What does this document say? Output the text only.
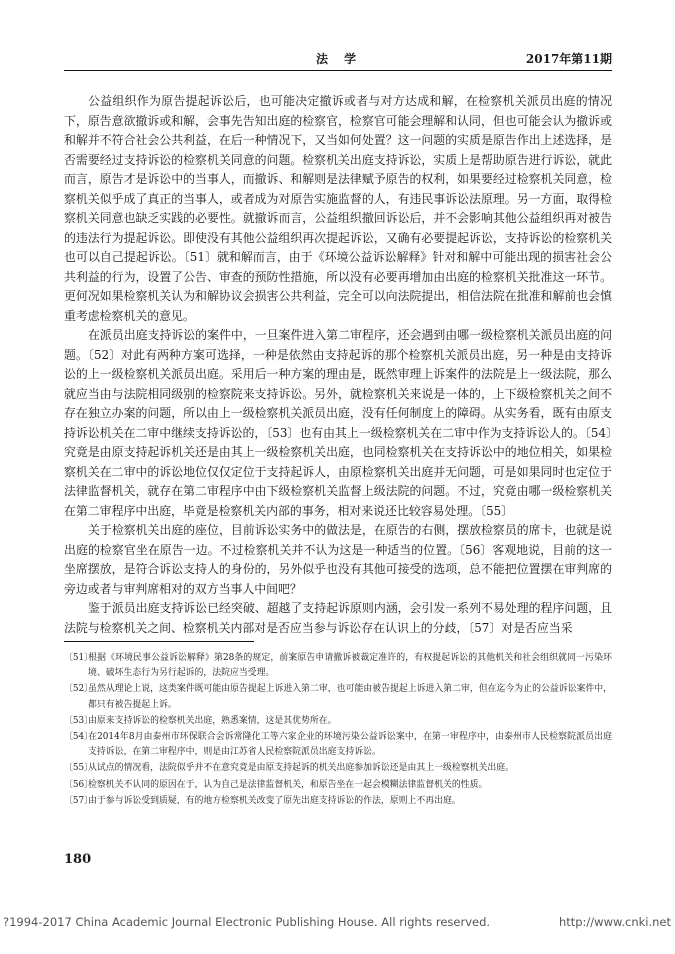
法 学	2017年第11期

公益组织作为原告提起诉讼后，也可能决定撤诉或者与对方达成和解，在检察机关派员出庭的情况下，原告意欲撤诉或和解，会事先告知出庭的检察官，检察官可能会理解和认同，但也可能会认为撤诉或和解并不符合社会公共利益，在后一种情况下，又当如何处置？这一问题的实质是原告作出上述选择，是否需要经过支持诉讼的检察机关同意的问题。检察机关出庭支持诉讼，实质上是帮助原告进行诉讼，就此而言，原告才是诉讼中的当事人，而撤诉、和解则是法律赋予原告的权利，如果要经过检察机关同意，检察机关似乎成了真正的当事人，或者成为对原告实施监督的人，有违民事诉讼法原理。另一方面，取得检察机关同意也缺乏实践的必要性。就撤诉而言，公益组织撤回诉讼后，并不会影响其他公益组织再对被告的违法行为提起诉讼。即使没有其他公益组织再次提起诉讼，又确有必要提起诉讼，支持诉讼的检察机关也可以自己提起诉讼。〔51〕就和解而言，由于《环境公益诉讼解释》针对和解中可能出现的损害社会公共利益的行为，设置了公告、审查的预防性措施，所以没有必要再增加由出庭的检察机关批准这一环节。更何况如果检察机关认为和解协议会损害公共利益，完全可以向法院提出，相信法院在批准和解前也会慎重考虑检察机关的意见。

在派员出庭支持诉讼的案件中，一旦案件进入第二审程序，还会遇到由哪一级检察机关派员出庭的问题。〔52〕对此有两种方案可选择，一种是依然由支持起诉的那个检察机关派员出庭，另一种是由支持诉讼的上一级检察机关派员出庭。采用后一种方案的理由是，既然审理上诉案件的法院是上一级法院，那么就应当由与法院相同级别的检察院来支持诉讼。另外，就检察机关来说是一体的，上下级检察机关之间不存在独立办案的问题，所以由上一级检察机关派员出庭，没有任何制度上的障碍。从实务看，既有由原支持诉讼机关在二审中继续支持诉讼的，〔53〕也有由其上一级检察机关在二审中作为支持诉讼人的。〔54〕究竟是由原支持起诉机关还是由其上一级检察机关出庭，也同检察机关在支持诉讼中的地位相关，如果检察机关在二审中的诉讼地位仅仅定位于支持起诉人，由原检察机关出庭并无问题，可是如果同时也定位于法律监督机关，就存在第二审程序中由下级检察机关监督上级法院的问题。不过，究竟由哪一级检察机关在第二审程序中出庭，毕竟是检察机关内部的事务，相对来说还比较容易处理。〔55〕

关于检察机关出庭的座位，目前诉讼实务中的做法是，在原告的右侧，摆放检察员的席卡，也就是说出庭的检察官坐在原告一边。不过检察机关并不认为这是一种适当的位置。〔56〕客观地说，目前的这一坐席摆放，是符合诉讼支持人的身份的，另外似乎也没有其他可接受的选项，总不能把位置摆在审判席的旁边或者与审判席相对的双方当事人中间吧？

鉴于派员出庭支持诉讼已经突破、超越了支持起诉原则内涵，会引发一系列不易处理的程序问题，且法院与检察机关之间、检察机关内部对是否应当参与诉讼存在认识上的分歧，〔57〕对是否应当采

〔51〕根据《环境民事公益诉讼解释》第28条的规定，前案原告申请撤诉被裁定准许的，有权提起诉讼的其他机关和社会组织就同一污染环境、破坏生态行为另行起诉的，法院应当受理。
〔52〕虽然从理论上说，这类案件既可能由原告提起上诉进入第二审，也可能由被告提起上诉进入第二审，但在迄今为止的公益诉讼案件中，都只有被告提起上诉。
〔53〕由原来支持诉讼的检察机关出庭，熟悉案情，这是其优势所在。
〔54〕在2014年8月由泰州市环保联合会诉常隆化工等六家企业的环境污染公益诉讼案中，在第一审程序中，由泰州市人民检察院派员出庭支持诉讼，在第二审程序中，则是由江苏省人民检察院派员出庭支持诉讼。
〔55〕从试点的情况看，法院似乎并不在意究竟是由原支持起诉的机关出庭参加诉讼还是由其上一级检察机关出庭。
〔56〕检察机关不认同的原因在于，认为自己是法律监督机关，和原告坐在一起会模糊法律监督机关的性质。
〔57〕由于参与诉讼受到质疑，有的地方检察机关改变了原先出庭支持诉讼的作法，原则上不再出庭。
180
?1994-2017 China Academic Journal Electronic Publishing House. All rights reserved.	http://www.cnki.net
